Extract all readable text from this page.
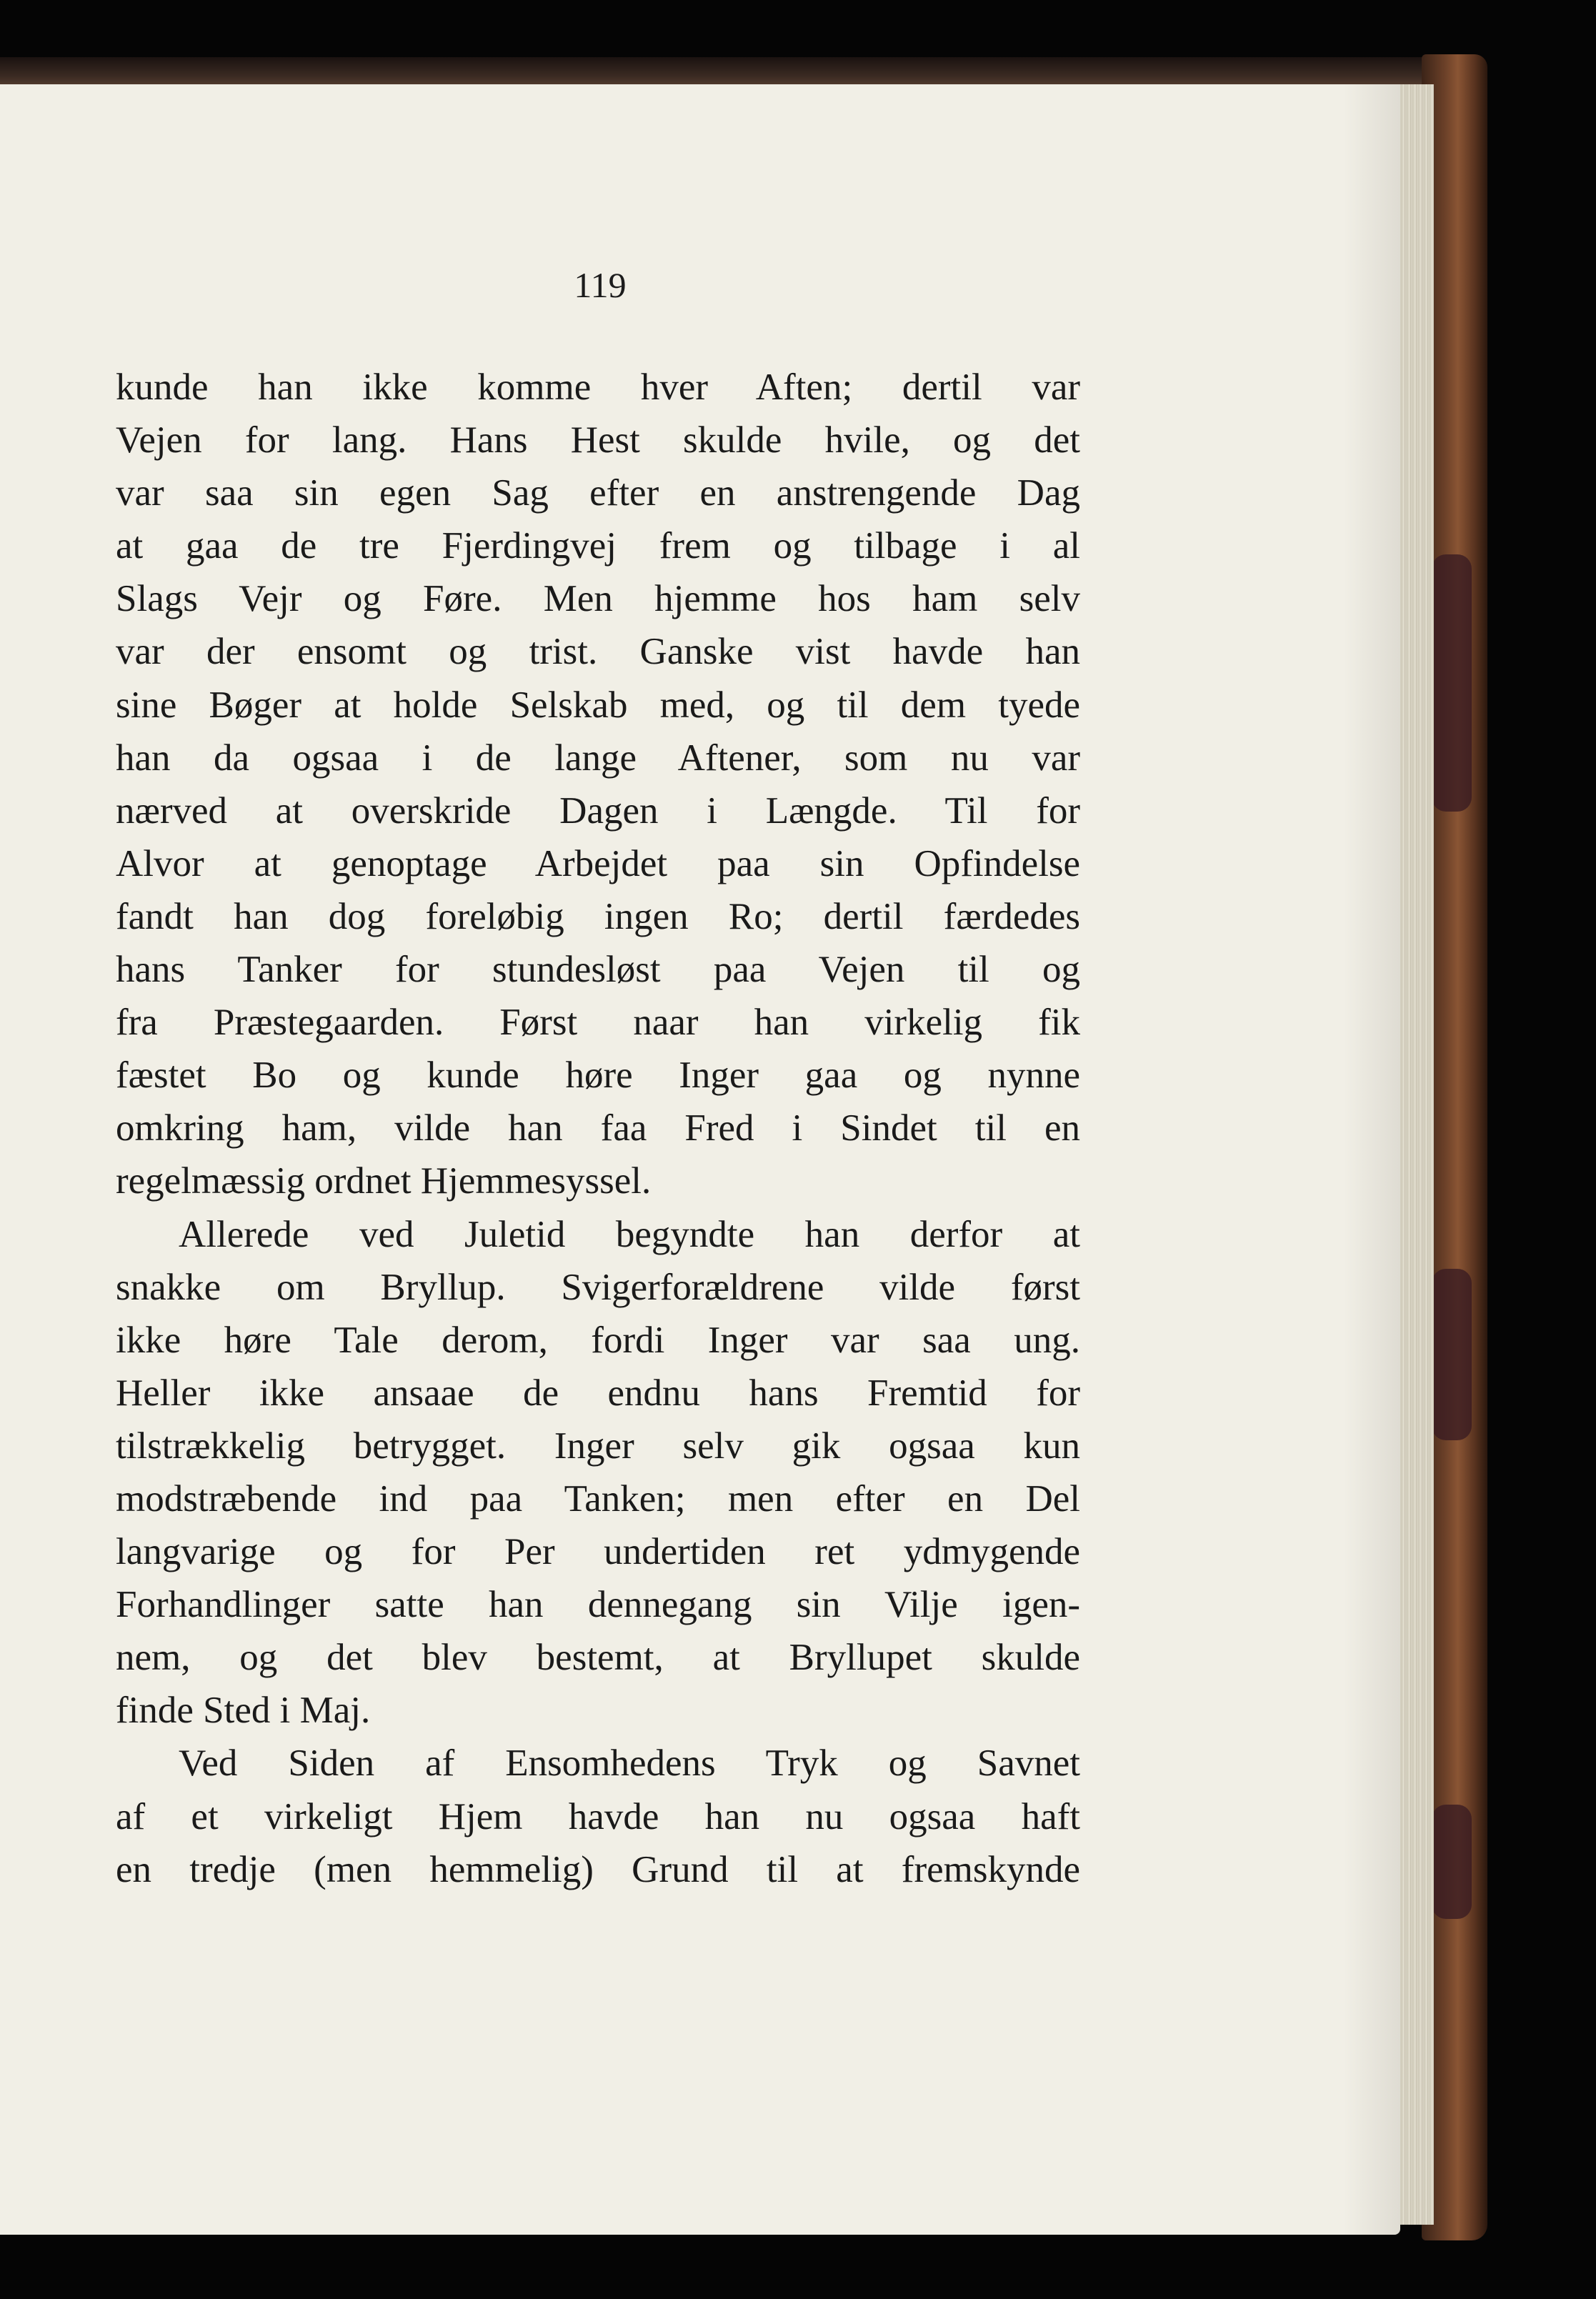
119
kunde han ikke komme hver Aften; dertil var
Vejen for lang. Hans Hest skulde hvile, og det
var saa sin egen Sag efter en anstrengende Dag
at gaa de tre Fjerdingvej frem og tilbage i al
Slags Vejr og Føre. Men hjemme hos ham selv
var der ensomt og trist. Ganske vist havde han
sine Bøger at holde Selskab med, og til dem tyede
han da ogsaa i de lange Aftener, som nu var
nærved at overskride Dagen i Længde. Til for
Alvor at genoptage Arbejdet paa sin Opfindelse
fandt han dog foreløbig ingen Ro; dertil færdedes
hans Tanker for stundesløst paa Vejen til og
fra Præstegaarden. Først naar han virkelig fik
fæstet Bo og kunde høre Inger gaa og nynne
omkring ham, vilde han faa Fred i Sindet til en
regelmæssig ordnet Hjemmesyssel.
Allerede ved Juletid begyndte han derfor at
snakke om Bryllup. Svigerforældrene vilde først
ikke høre Tale derom, fordi Inger var saa ung.
Heller ikke ansaae de endnu hans Fremtid for
tilstrækkelig betrygget. Inger selv gik ogsaa kun
modstræbende ind paa Tanken; men efter en Del
langvarige og for Per undertiden ret ydmygende
Forhandlinger satte han dennegang sin Vilje igen-
nem, og det blev bestemt, at Bryllupet skulde
finde Sted i Maj.
Ved Siden af Ensomhedens Tryk og Savnet
af et virkeligt Hjem havde han nu ogsaa haft
en tredje (men hemmelig) Grund til at fremskynde
